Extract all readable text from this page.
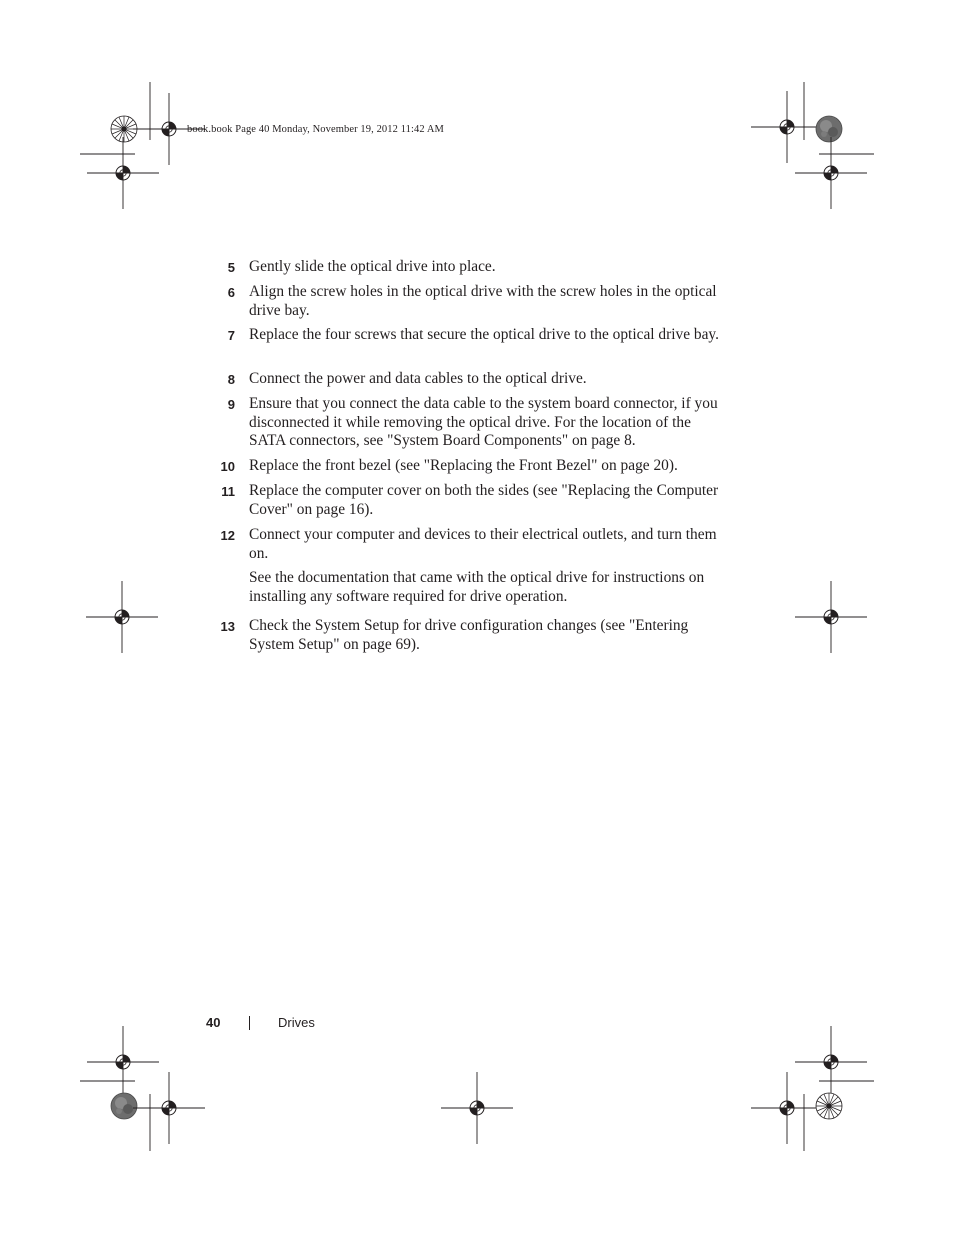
book.book Page 40 Monday, November 19, 2012 11:42 AM
5 Gently slide the optical drive into place.
6 Align the screw holes in the optical drive with the screw holes in the optical drive bay.
7 Replace the four screws that secure the optical drive to the optical drive bay.
8 Connect the power and data cables to the optical drive.
9 Ensure that you connect the data cable to the system board connector, if you disconnected it while removing the optical drive. For the location of the SATA connectors, see "System Board Components" on page 8.
10 Replace the front bezel (see "Replacing the Front Bezel" on page 20).
11 Replace the computer cover on both the sides (see "Replacing the Computer Cover" on page 16).
12 Connect your computer and devices to their electrical outlets, and turn them on.
See the documentation that came with the optical drive for instructions on installing any software required for drive operation.
13 Check the System Setup for drive configuration changes (see "Entering System Setup" on page 69).
40	Drives
